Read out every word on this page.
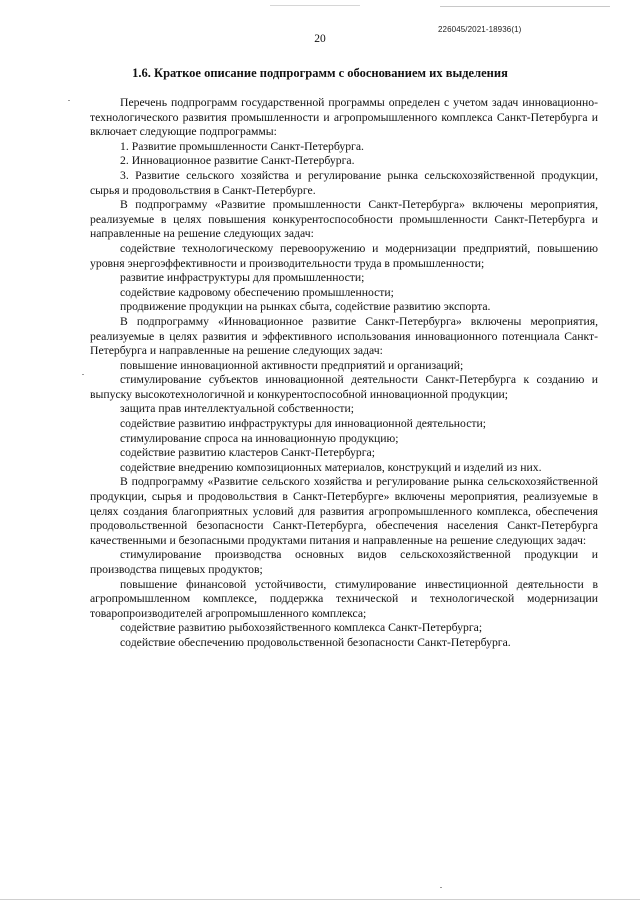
226045/2021-18936(1)
20
1.6. Краткое описание подпрограмм с обоснованием их выделения

Перечень подпрограмм государственной программы определен с учетом задач инновационно-технологического развития промышленности и агропромышленного комплекса Санкт-Петербурга и включает следующие подпрограммы:

1. Развитие промышленности Санкт-Петербурга.

2. Инновационное развитие Санкт-Петербурга.

3. Развитие сельского хозяйства и регулирование рынка сельскохозяйственной продукции, сырья и продовольствия в Санкт-Петербурге.

В подпрограмму «Развитие промышленности Санкт-Петербурга» включены мероприятия, реализуемые в целях повышения конкурентоспособности промышленности Санкт-Петербурга и направленные на решение следующих задач:

содействие технологическому перевооружению и модернизации предприятий, повышению уровня энергоэффективности и производительности труда в промышленности;

развитие инфраструктуры для промышленности;

содействие кадровому обеспечению промышленности;

продвижение продукции на рынках сбыта, содействие развитию экспорта.

В подпрограмму «Инновационное развитие Санкт-Петербурга» включены мероприятия, реализуемые в целях развития и эффективного использования инновационного потенциала Санкт-Петербурга и направленные на решение следующих задач:

повышение инновационной активности предприятий и организаций;

стимулирование субъектов инновационной деятельности Санкт-Петербурга к созданию и выпуску высокотехнологичной и конкурентоспособной инновационной продукции;

защита прав интеллектуальной собственности;

содействие развитию инфраструктуры для инновационной деятельности;

стимулирование спроса на инновационную продукцию;

содействие развитию кластеров Санкт-Петербурга;

содействие внедрению композиционных материалов, конструкций и изделий из них.

В подпрограмму «Развитие сельского хозяйства и регулирование рынка сельскохозяйственной продукции, сырья и продовольствия в Санкт-Петербурге» включены мероприятия, реализуемые в целях создания благоприятных условий для развития агропромышленного комплекса, обеспечения продовольственной безопасности Санкт-Петербурга, обеспечения населения Санкт-Петербурга качественными и безопасными продуктами питания и направленные на решение следующих задач:

стимулирование производства основных видов сельскохозяйственной продукции и производства пищевых продуктов;

повышение финансовой устойчивости, стимулирование инвестиционной деятельности в агропромышленном комплексе, поддержка технической и технологической модернизации товаропроизводителей агропромышленного комплекса;

содействие развитию рыбохозяйственного комплекса Санкт-Петербурга;

содействие обеспечению продовольственной безопасности Санкт-Петербурга.
